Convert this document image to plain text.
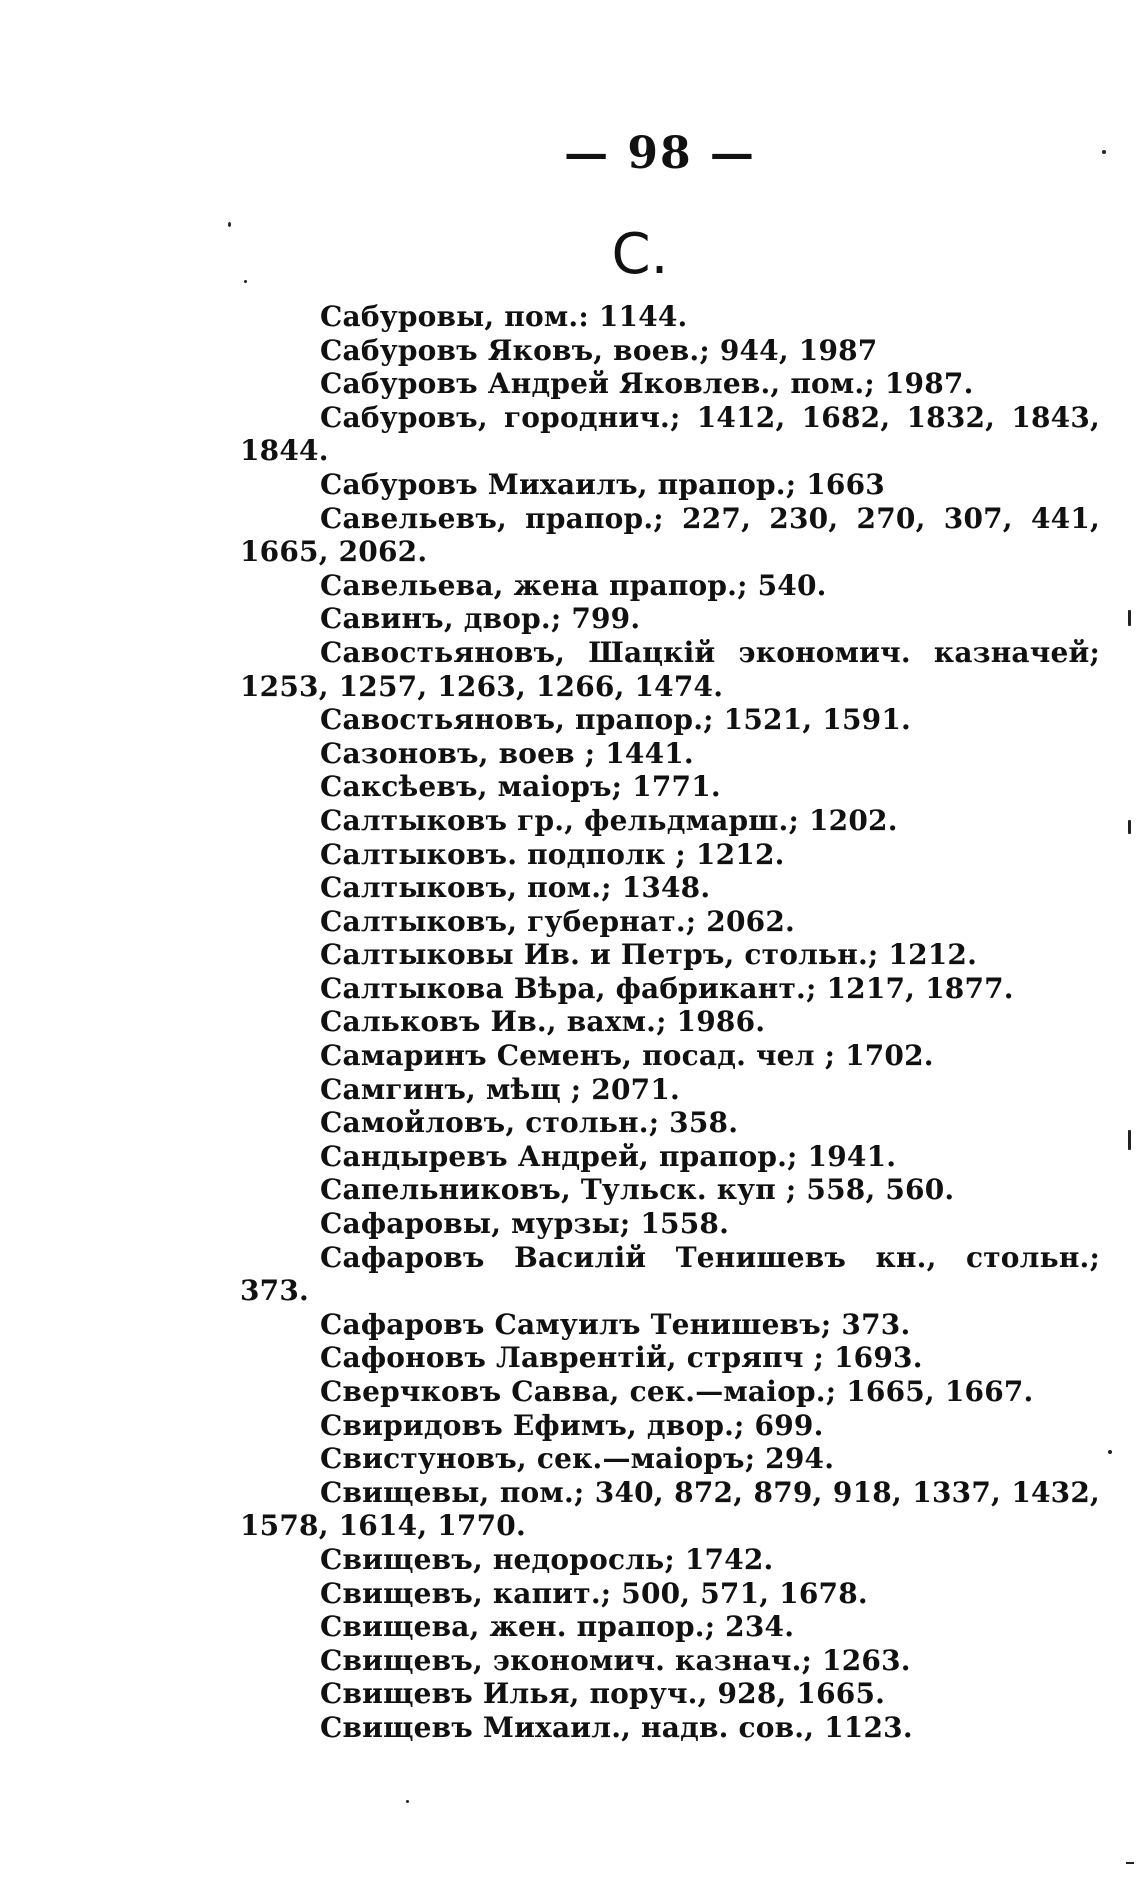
— 98 —
С.
Сабуровы, пом.: 1144.
Сабуровъ Яковъ, воев.; 944, 1987
Сабуровъ Андрей Яковлев., пом.; 1987.
Сабуровъ, городнич.; 1412, 1682, 1832, 1843, 1844.
Сабуровъ Михаилъ, прапор.; 1663
Савельевъ, прапор.; 227, 230, 270, 307, 441, 1665, 2062.
Савельева, жена прапор.; 540.
Савинъ, двор.; 799.
Савостьяновъ, Шацкій экономич. казначей; 1253, 1257, 1263, 1266, 1474.
Савостьяновъ, прапор.; 1521, 1591.
Сазоновъ, воев ; 1441.
Саксѣевъ, маіоръ; 1771.
Салтыковъ гр., фельдмарш.; 1202.
Салтыковъ. подполк ; 1212.
Салтыковъ, пом.; 1348.
Салтыковъ, губернат.; 2062.
Салтыковы Ив. и Петръ, стольн.; 1212.
Салтыкова Вѣра, фабрикант.; 1217, 1877.
Сальковъ Ив., вахм.; 1986.
Самаринъ Семенъ, посад. чел ; 1702.
Самгинъ, мѣщ ; 2071.
Самойловъ, стольн.; 358.
Сандыревъ Андрей, прапор.; 1941.
Сапельниковъ, Тульск. куп ; 558, 560.
Сафаровы, мурзы; 1558.
Сафаровъ Василій Тенишевъ кн., стольн.; 373.
Сафаровъ Самуилъ Тенишевъ; 373.
Сафоновъ Лаврентій, стряпч ; 1693.
Сверчковъ Савва, сек.—маіор.; 1665, 1667.
Свиридовъ Ефимъ, двор.; 699.
Свистуновъ, сек.—маіоръ; 294.
Свищевы, пом.; 340, 872, 879, 918, 1337, 1432, 1578, 1614, 1770.
Свищевъ, недоросль; 1742.
Свищевъ, капит.; 500, 571, 1678.
Свищева, жен. прапор.; 234.
Свищевъ, экономич. казнач.; 1263.
Свищевъ Илья, поруч., 928, 1665.
Свищевъ Михаил., надв. сов., 1123.
